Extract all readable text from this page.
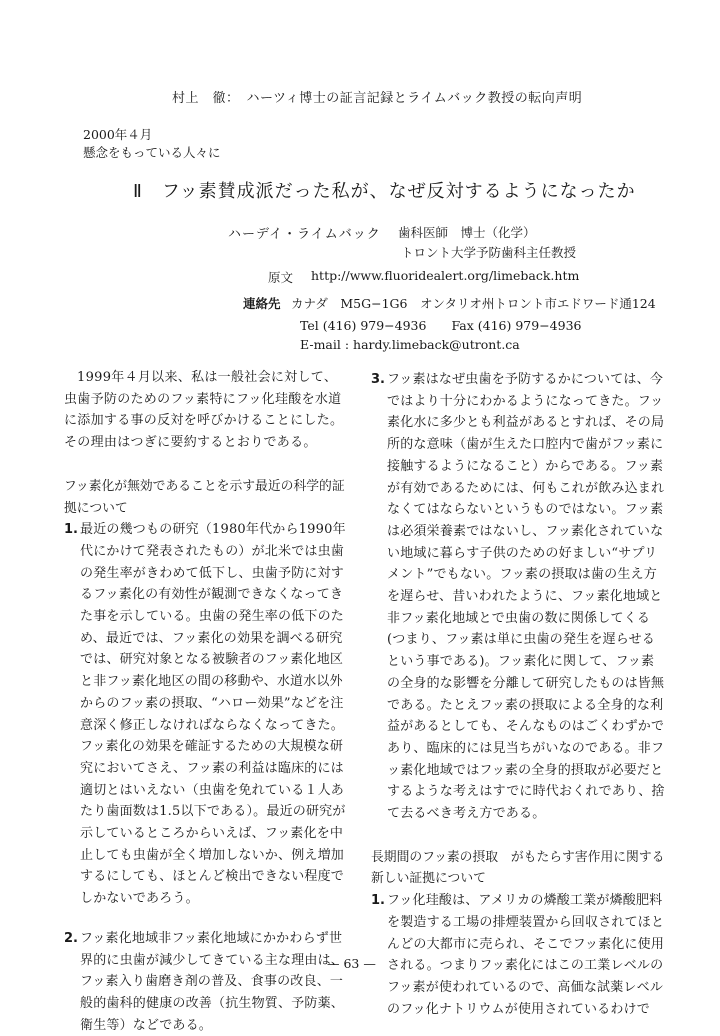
村上　徹：　ハーツィ博士の証言記録とライムバック教授の転向声明
2000年４月
懸念をもっている人々に
Ⅱ　フッ素賛成派だった私が、なぜ反対するようになったか
ハーデイ・ライムバック 歯科医師　博士（化学）
トロント大学予防歯科主任教授
原文 http://www.fluoridealert.org/limeback.htm
連絡先 カナダ　M5G−1G6　オンタリオ州トロント市エドワード通124
Tel (416) 979−4936　　Fax (416) 979−4936
E-mail : hardy.limeback@utront.ca

1999年４月以来、私は一般社会に対して、虫歯予防のためのフッ素特にフッ化珪酸を水道に添加する事の反対を呼びかけることにした。その理由はつぎに要約するとおりである。

フッ素化が無効であることを示す最近の科学的証拠について

1. 最近の幾つもの研究（1980年代から1990年代にかけて発表されたもの）が北米では虫歯の発生率がきわめて低下し、虫歯予防に対するフッ素化の有効性が観測できなくなってきた事を示している。虫歯の発生率の低下のため、最近では、フッ素化の効果を調べる研究では、研究対象となる被験者のフッ素化地区と非フッ素化地区の間の移動や、水道水以外からのフッ素の摂取、“ハロー効果”などを注意深く修正しなければならなくなってきた。フッ素化の効果を確証するための大規模な研究においてさえ、フッ素の利益は臨床的には適切とはいえない（虫歯を免れている１人あたり歯面数は1.5以下である）。最近の研究が示しているところからいえば、フッ素化を中止しても虫歯が全く増加しないか、例え増加するにしても、ほとんど検出できない程度でしかないであろう。
2. フッ素化地域非フッ素化地域にかかわらず世界的に虫歯が減少してきている主な理由は、フッ素入り歯磨き剤の普及、食事の改良、一般的歯科的健康の改善（抗生物質、予防薬、衛生等）などである。
3. フッ素はなぜ虫歯を予防するかについては、今ではより十分にわかるようになってきた。フッ素化水に多少とも利益があるとすれば、その局所的な意味（歯が生えた口腔内で歯がフッ素に接触するようになること）からである。フッ素が有効であるためには、何もこれが飲み込まれなくてはならないというものではない。フッ素は必須栄養素ではないし、フッ素化されていない地域に暮らす子供のための好ましい“サプリメント”でもない。フッ素の摂取は歯の生え方を遅らせ、昔いわれたように、フッ素化地域と非フッ素化地域とで虫歯の数に関係してくる(つまり、フッ素は単に虫歯の発生を遅らせるという事である)。フッ素化に関して、フッ素の全身的な影響を分離して研究したものは皆無である。たとえフッ素の摂取による全身的な利益があるとしても、そんなものはごくわずかであり、臨床的には見当ちがいなのである。非フッ素化地域ではフッ素の全身的摂取が必要だとするような考えはすでに時代おくれであり、捨て去るべき考え方である。

長期間のフッ素の摂取　がもたらす害作用に関する新しい証拠について

1. フッ化珪酸は、アメリカの燐酸工業が燐酸肥料を製造する工場の排煙装置から回収されてほとんどの大都市に売られ、そこでフッ素化に使用される。つまりフッ素化にはこの工業レベルのフッ素が使われているので、高価な試薬レベルのフッ化ナトリウムが使用されているわけで
— 63 —
